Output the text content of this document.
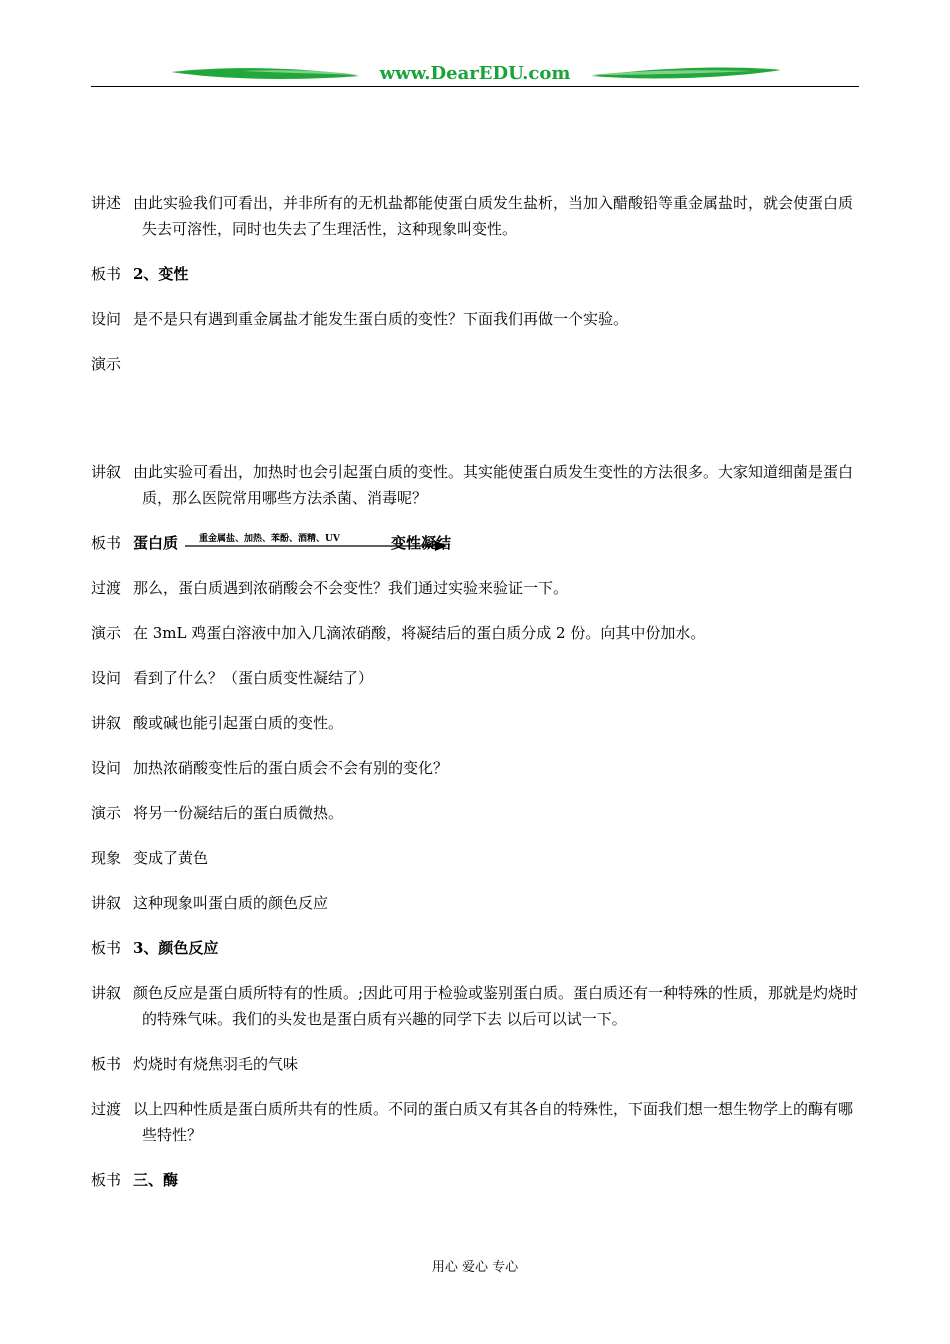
www.DearEDU.com
讲述 由此实验我们可看出，并非所有的无机盐都能使蛋白质发生盐析，当加入醋酸铅等重金属盐时，就会使蛋白质失去可溶性，同时也失去了生理活性，这种现象叫变性。
板书 2、变性
设问 是不是只有遇到重金属盐才能发生蛋白质的变性？下面我们再做一个实验。
演示
讲叙 由此实验可看出，加热时也会引起蛋白质的变性。其实能使蛋白质发生变性的方法很多。大家知道细菌是蛋白质，那么医院常用哪些方法杀菌、消毒呢？
板书 蛋白质 重金属盐、加热、苯酚、酒精、UV	变性凝结
过渡 那么，蛋白质遇到浓硝酸会不会变性？我们通过实验来验证一下。
演示 在 3mL 鸡蛋白溶液中加入几滴浓硝酸，将凝结后的蛋白质分成 2 份。向其中份加水。
设问 看到了什么？（蛋白质变性凝结了）
讲叙 酸或碱也能引起蛋白质的变性。
设问 加热浓硝酸变性后的蛋白质会不会有别的变化？
演示 将另一份凝结后的蛋白质微热。
现象 变成了黄色
讲叙 这种现象叫蛋白质的颜色反应
板书 3、颜色反应
讲叙 颜色反应是蛋白质所特有的性质。;因此可用于检验或鉴别蛋白质。蛋白质还有一种特殊的性质，那就是灼烧时的特殊气味。我们的头发也是蛋白质有兴趣的同学下去 以后可以试一下。
板书 灼烧时有烧焦羽毛的气味
过渡 以上四种性质是蛋白质所共有的性质。不同的蛋白质又有其各自的特殊性，下面我们想一想生物学上的酶有哪些特性？
板书 三、酶
用心 爱心 专心
